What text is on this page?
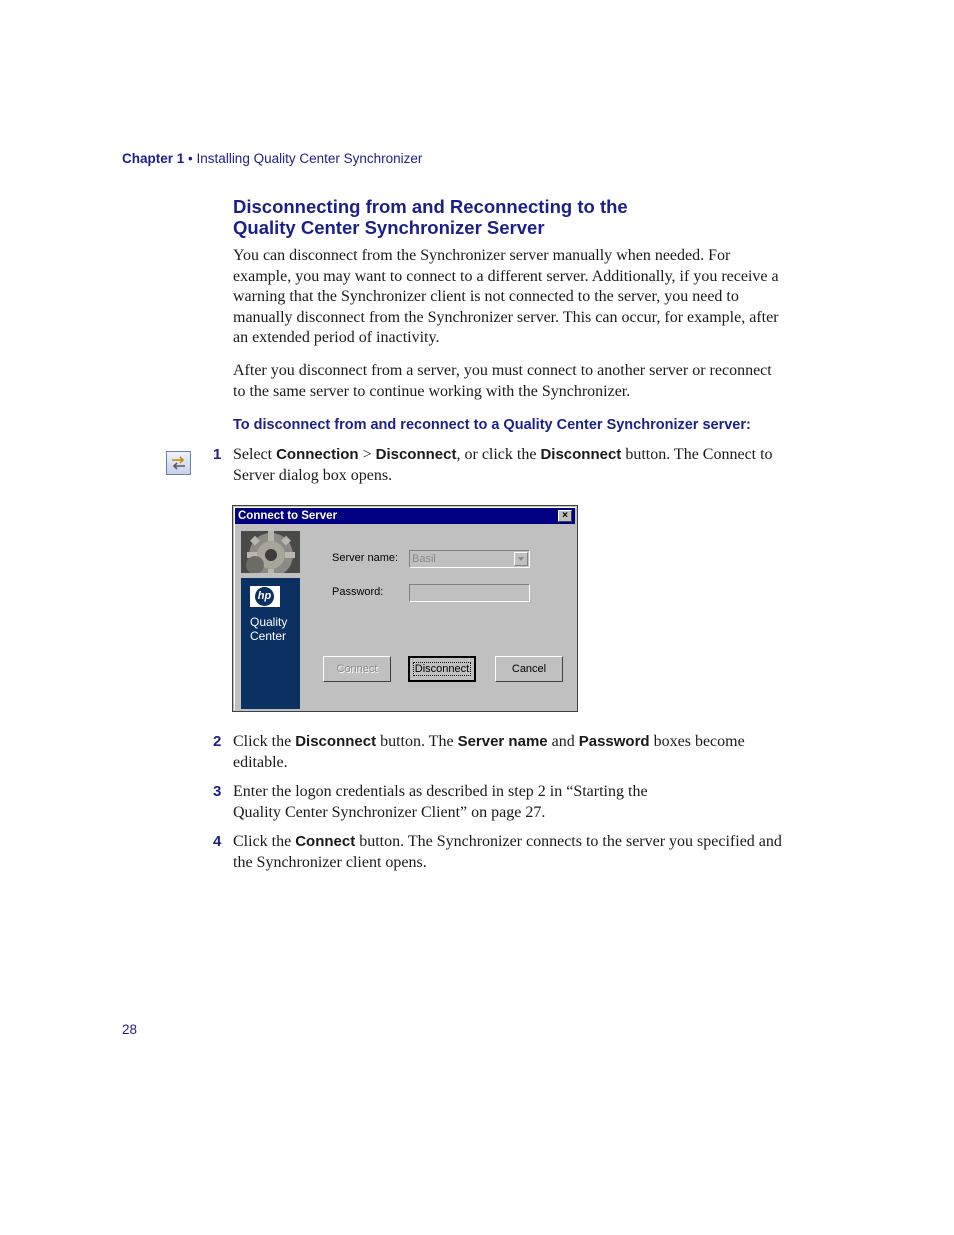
Chapter 1 • Installing Quality Center Synchronizer
Disconnecting from and Reconnecting to the
Quality Center Synchronizer Server
You can disconnect from the Synchronizer server manually when needed. For example, you may want to connect to a different server. Additionally, if you receive a warning that the Synchronizer client is not connected to the server, you need to manually disconnect from the Synchronizer server. This can occur, for example, after an extended period of inactivity.
After you disconnect from a server, you must connect to another server or reconnect to the same server to continue working with the Synchronizer.
To disconnect from and reconnect to a Quality Center Synchronizer server:
1 Select Connection > Disconnect, or click the Disconnect button. The Connect to Server dialog box opens.
Connect to Server	×
hp
Quality
Center
Server name: Basil
Password:
Connect	Disconnect	Cancel
2 Click the Disconnect button. The Server name and Password boxes become editable.
3 Enter the logon credentials as described in step 2 in “Starting the
Quality Center Synchronizer Client” on page 27.
4 Click the Connect button. The Synchronizer connects to the server you specified and the Synchronizer client opens.
28
